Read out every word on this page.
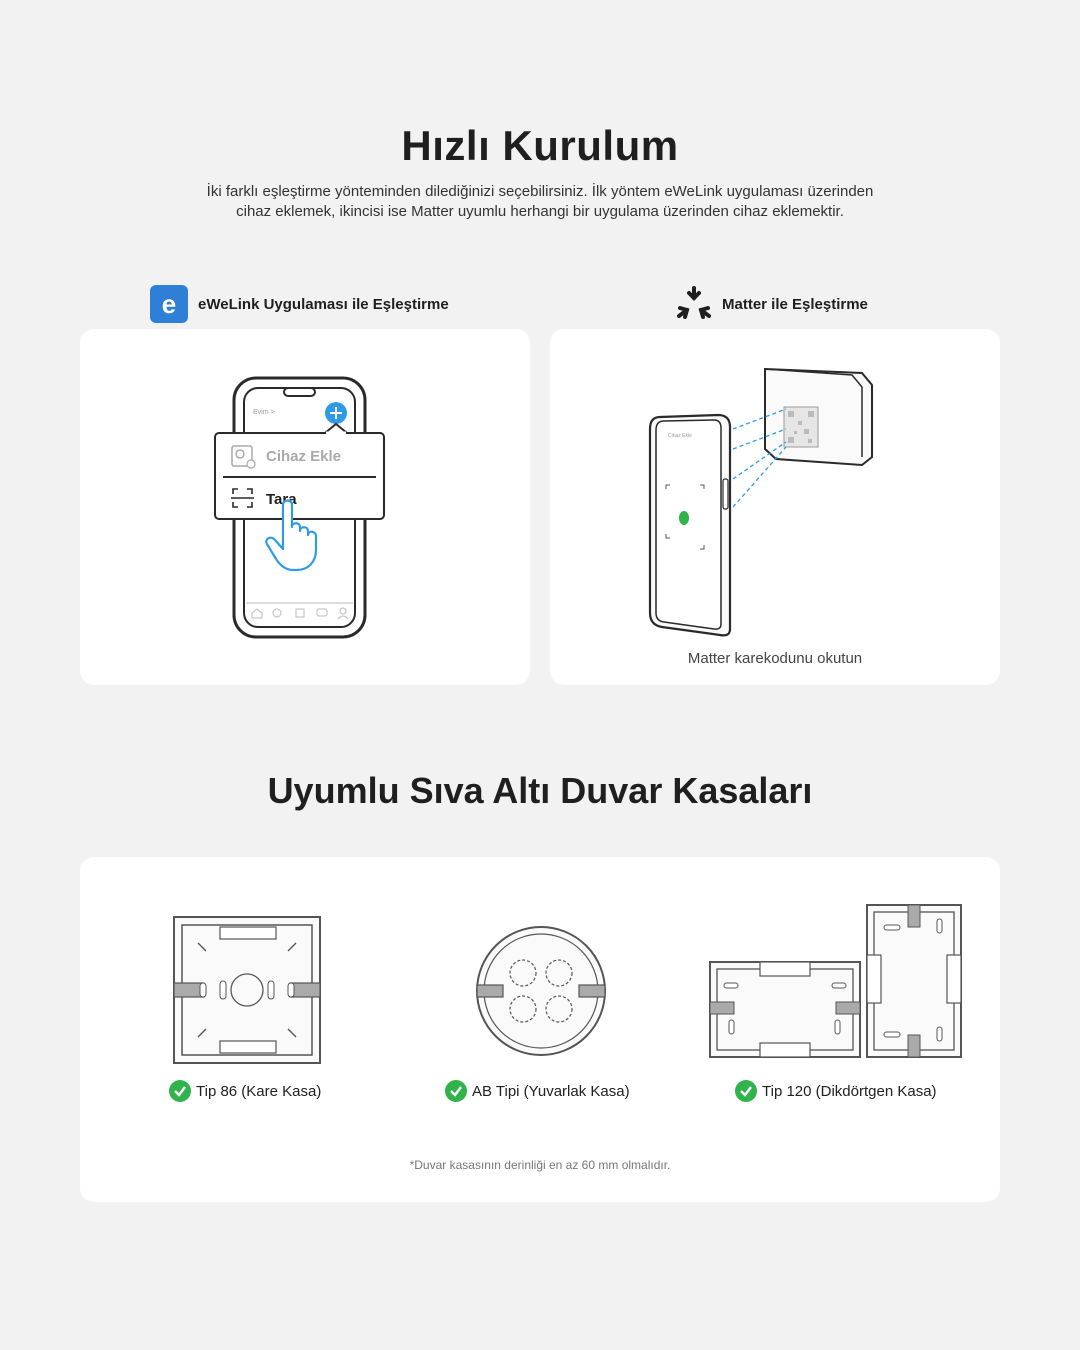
Hızlı Kurulum
İki farklı eşleştirme yönteminden dilediğinizi seçebilirsiniz. İlk yöntem eWeLink uygulaması üzerinden
cihaz eklemek, ikincisi ise Matter uyumlu herhangi bir uygulama üzerinden cihaz eklemektir.
e	eWeLink Uygulaması ile Eşleştirme	Matter ile Eşleştirme
Evim >
Cihaz Ekle
Tara
Cihaz Ekle
Matter karekodunu okutun
Uyumlu Sıva Altı Duvar Kasaları
Tip 86 (Kare Kasa)	AB Tipi (Yuvarlak Kasa)	Tip 120 (Dikdörtgen Kasa)
*Duvar kasasının derinliği en az 60 mm olmalıdır.
